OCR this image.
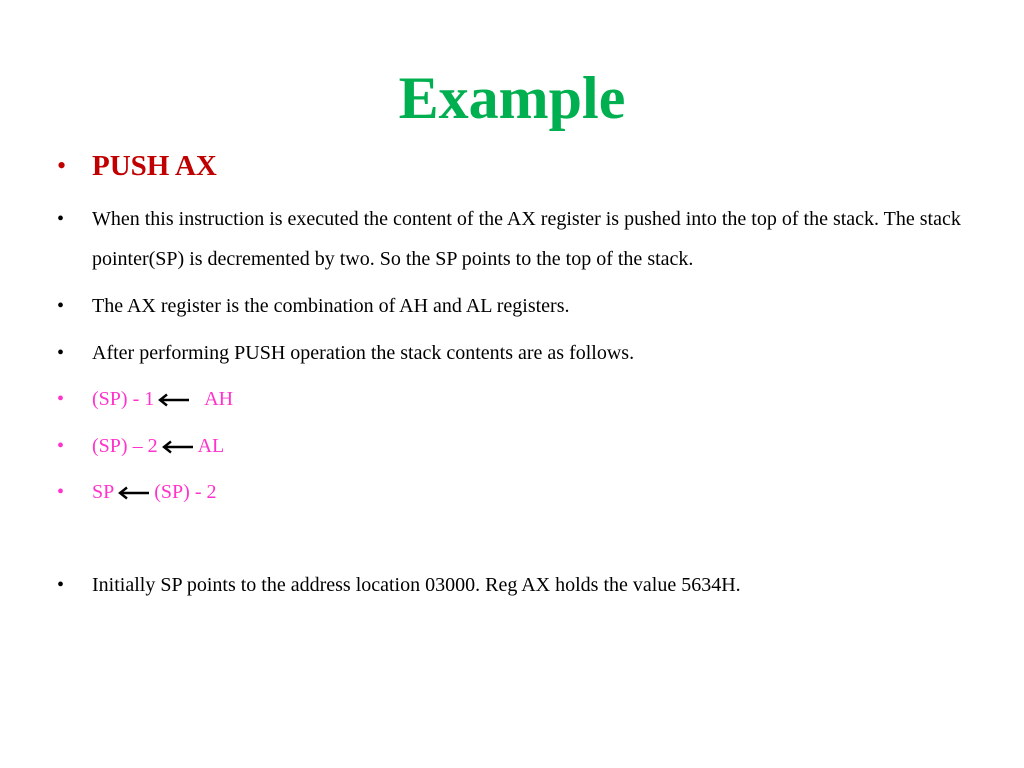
Example
• PUSH AX
•	When this instruction is executed the content of the AX register is pushed into the top of the stack. The stack pointer(SP) is decremented by two. So the SP points to the top of the stack.
•	The AX register is the combination of AH and AL registers.
•	After performing PUSH operation the stack contents are as follows.
•	(SP) - 1	AH
•	(SP) – 2 AL
•	SP (SP) - 2
•	Initially SP points to the address location 03000. Reg AX holds the value 5634H.
